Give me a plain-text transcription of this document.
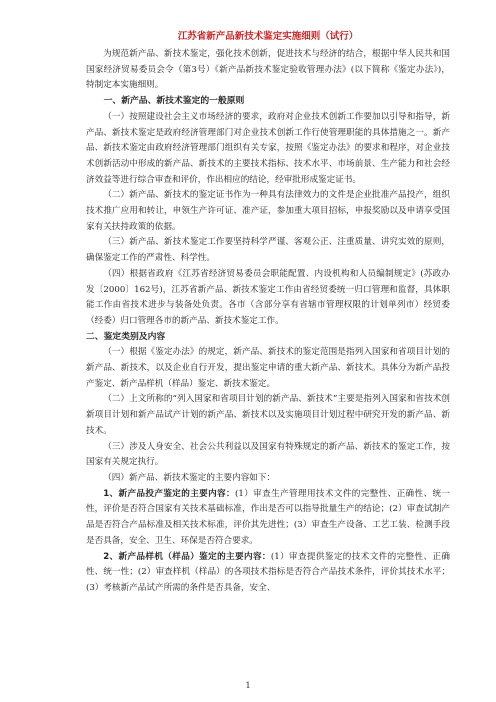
江苏省新产品新技术鉴定实施细则（试行）

为规范新产品、新技术鉴定，强化技术创新，促进技术与经济的结合，根据中华人民共和国国家经济贸易委员会令（第3号）《新产品新技术鉴定验收管理办法》(以下简称《鉴定办法》)，特制定本实施细则。

一、新产品、新技术鉴定的一般原则

（一）按照建设社会主义市场经济的要求，政府对企业技术创新工作要加以引导和指导，新产品、新技术鉴定是政府经济管理部门对企业技术创新工作行使管理职能的具体措施之一。新产品、新技术鉴定由政府经济管理部门组织有关专家，按照《鉴定办法》的要求和程序，对企业技术创新活动中形成的新产品、新技术的主要技术指标、技术水平、市场前景、生产能力和社会经济效益等进行综合审查和评价，作出相应的结论，经审批形成鉴定证书。

（二）新产品、新技术的鉴定证书作为一种具有法律效力的文件是企业批准产品投产，组织技术推广应用和转让，申领生产许可证、准产证，参加重大项目招标，申报奖励以及申请享受国家有关扶持政策的依据。

（三）新产品、新技术鉴定工作要坚持科学严谨、客观公正、注重质量、讲究实效的原则，确保鉴定工作的严肃性、科学性。

（四）根据省政府《江苏省经济贸易委员会职能配置、内设机构和人员编制规定》(苏政办发〔2000〕162号)，江苏省新产品、新技术鉴定工作由省经贸委统一归口管理和监督，具体职能工作由省技术进步与装备处负责。各市（含部分享有省辖市管理权限的计划单列市）经贸委（经委）归口管理各市的新产品、新技术鉴定工作。

二、鉴定类别及内容

（一）根据《鉴定办法》的规定，新产品、新技术的鉴定范围是指列入国家和省项目计划的新产品、新技术，以及企业自行开发，提出鉴定申请的重大新产品、新技术。具体分为新产品投产鉴定、新产品样机（样品）鉴定、新技术鉴定。

（二）上文所称的“列入国家和省项目计划的新产品、新技术”主要是指列入国家和省技术创新项目计划和新产品试产计划的新产品、新技术以及实施项目计划过程中研究开发的新产品、新技术。

（三）涉及人身安全、社会公共利益以及国家有特殊规定的新产品、新技术的鉴定工作，按国家有关规定执行。

（四）新产品、新技术鉴定的主要内容如下：

1、新产品投产鉴定的主要内容：(1）审查生产管理用技术文件的完整性、正确性、统一性，评价是否符合国家有关技术基础标准，作出是否可以指导批量生产的结论；(2）审查试制产品是否符合产品标准及相关技术标准，评价其先进性；(3）审查生产设备、工艺工装、检测手段是否具备，安全、卫生、环保是否符合要求。

2、新产品样机（样品）鉴定的主要内容：(1）审查提供鉴定的技术文件的完整性、正确性、统一性；(2）审查样机（样品）的各项技术指标是否符合产品技术条件，评价其技术水平；(3）考核新产品试产所需的条件是否具备，安全、

1
